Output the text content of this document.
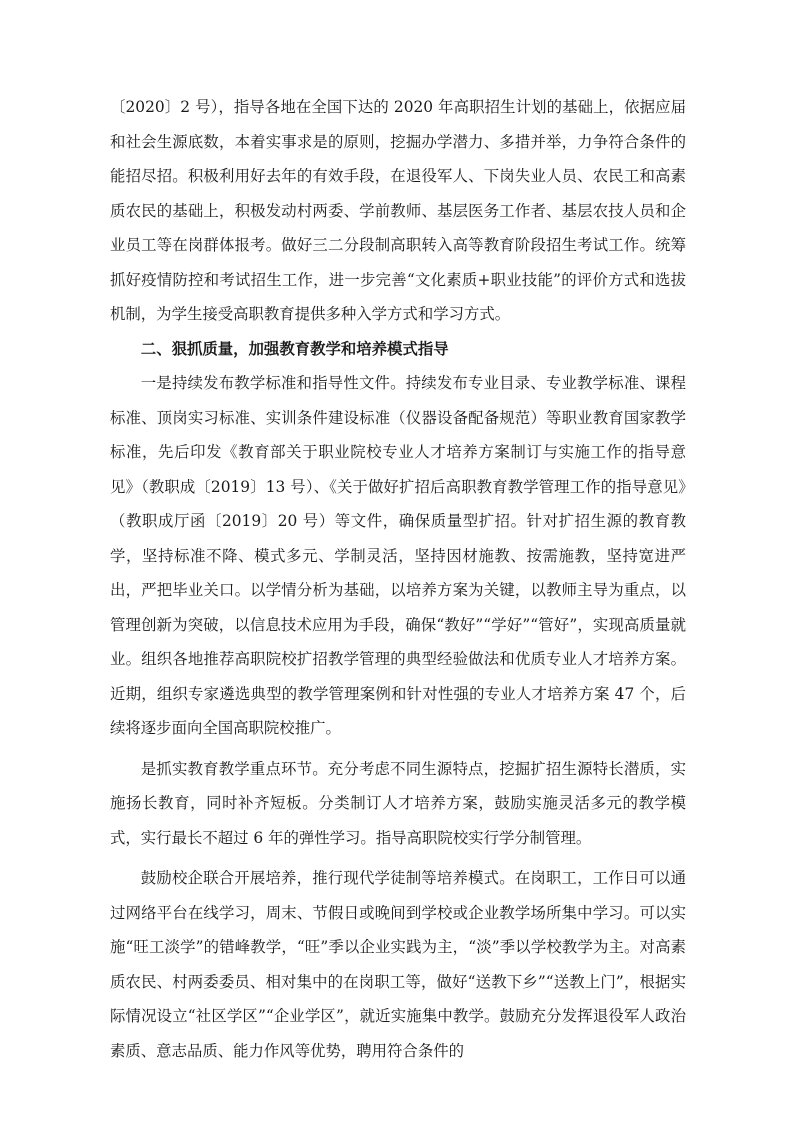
〔2020〕2 号），指导各地在全国下达的 2020 年高职招生计划的基础上，依据应届和社会生源底数，本着实事求是的原则，挖掘办学潜力、多措并举，力争符合条件的能招尽招。积极利用好去年的有效手段，在退役军人、下岗失业人员、农民工和高素质农民的基础上，积极发动村两委、学前教师、基层医务工作者、基层农技人员和企业员工等在岗群体报考。做好三二分段制高职转入高等教育阶段招生考试工作。统筹抓好疫情防控和考试招生工作，进一步完善“文化素质+职业技能”的评价方式和选拔机制，为学生接受高职教育提供多种入学方式和学习方式。

二、狠抓质量，加强教育教学和培养模式指导

一是持续发布教学标准和指导性文件。持续发布专业目录、专业教学标准、课程标准、顶岗实习标准、实训条件建设标准（仪器设备配备规范）等职业教育国家教学标准，先后印发《教育部关于职业院校专业人才培养方案制订与实施工作的指导意见》（教职成〔2019〕13 号）、《关于做好扩招后高职教育教学管理工作的指导意见》（教职成厅函〔2019〕20 号）等文件，确保质量型扩招。针对扩招生源的教育教学，坚持标准不降、模式多元、学制灵活，坚持因材施教、按需施教，坚持宽进严出，严把毕业关口。以学情分析为基础，以培养方案为关键，以教师主导为重点，以管理创新为突破，以信息技术应用为手段，确保“教好”“学好”“管好”，实现高质量就业。组织各地推荐高职院校扩招教学管理的典型经验做法和优质专业人才培养方案。近期，组织专家遴选典型的教学管理案例和针对性强的专业人才培养方案 47 个，后续将逐步面向全国高职院校推广。

是抓实教育教学重点环节。充分考虑不同生源特点，挖掘扩招生源特长潜质，实施扬长教育，同时补齐短板。分类制订人才培养方案，鼓励实施灵活多元的教学模式，实行最长不超过 6 年的弹性学习。指导高职院校实行学分制管理。

鼓励校企联合开展培养，推行现代学徒制等培养模式。在岗职工，工作日可以通过网络平台在线学习，周末、节假日或晚间到学校或企业教学场所集中学习。可以实施“旺工淡学”的错峰教学，“旺”季以企业实践为主，“淡”季以学校教学为主。对高素质农民、村两委委员、相对集中的在岗职工等，做好“送教下乡”“送教上门”，根据实际情况设立“社区学区”“企业学区”，就近实施集中教学。鼓励充分发挥退役军人政治素质、意志品质、能力作风等优势，聘用符合条件的
